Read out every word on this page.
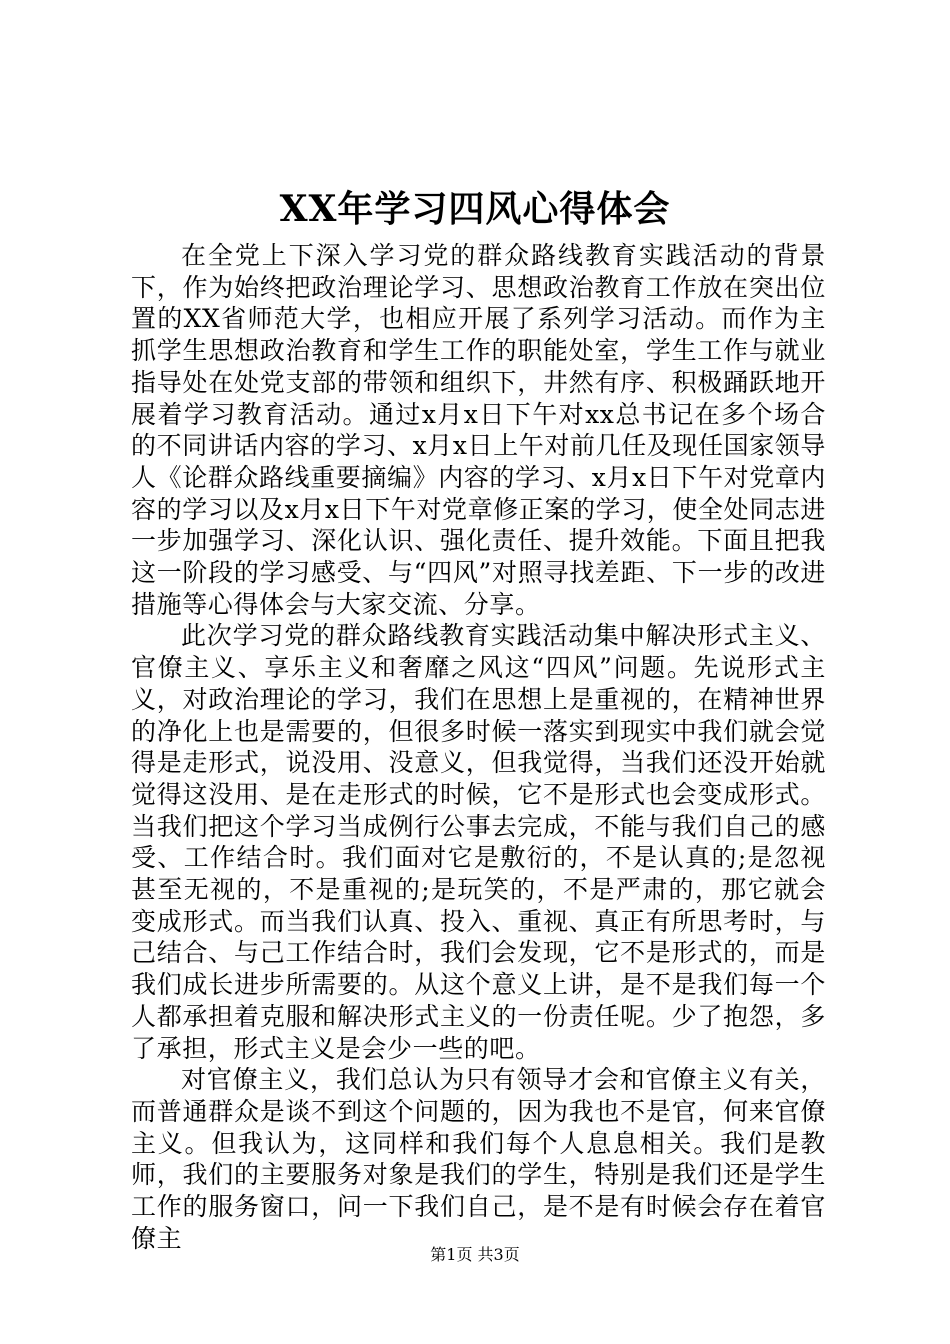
XX年学习四风心得体会

在全党上下深入学习党的群众路线教育实践活动的背景下，作为始终把政治理论学习、思想政治教育工作放在突出位置的XX省师范大学，也相应开展了系列学习活动。而作为主抓学生思想政治教育和学生工作的职能处室，学生工作与就业指导处在处党支部的带领和组织下，井然有序、积极踊跃地开展着学习教育活动。通过x月x日下午对xx总书记在多个场合的不同讲话内容的学习、x月x日上午对前几任及现任国家领导人《论群众路线重要摘编》内容的学习、x月x日下午对党章内容的学习以及x月x日下午对党章修正案的学习，使全处同志进一步加强学习、深化认识、强化责任、提升效能。下面且把我这一阶段的学习感受、与“四风”对照寻找差距、下一步的改进措施等心得体会与大家交流、分享。

此次学习党的群众路线教育实践活动集中解决形式主义、官僚主义、享乐主义和奢靡之风这“四风”问题。先说形式主义，对政治理论的学习，我们在思想上是重视的，在精神世界的净化上也是需要的，但很多时候一落实到现实中我们就会觉得是走形式，说没用、没意义，但我觉得，当我们还没开始就觉得这没用、是在走形式的时候，它不是形式也会变成形式。当我们把这个学习当成例行公事去完成，不能与我们自己的感受、工作结合时。我们面对它是敷衍的，不是认真的;是忽视甚至无视的，不是重视的;是玩笑的，不是严肃的，那它就会变成形式。而当我们认真、投入、重视、真正有所思考时，与己结合、与己工作结合时，我们会发现，它不是形式的，而是我们成长进步所需要的。从这个意义上讲，是不是我们每一个人都承担着克服和解决形式主义的一份责任呢。少了抱怨，多了承担，形式主义是会少一些的吧。

对官僚主义，我们总认为只有领导才会和官僚主义有关，而普通群众是谈不到这个问题的，因为我也不是官，何来官僚主义。但我认为，这同样和我们每个人息息相关。我们是教师，我们的主要服务对象是我们的学生，特别是我们还是学生工作的服务窗口，问一下我们自己，是不是有时候会存在着官僚主

第1页 共3页
